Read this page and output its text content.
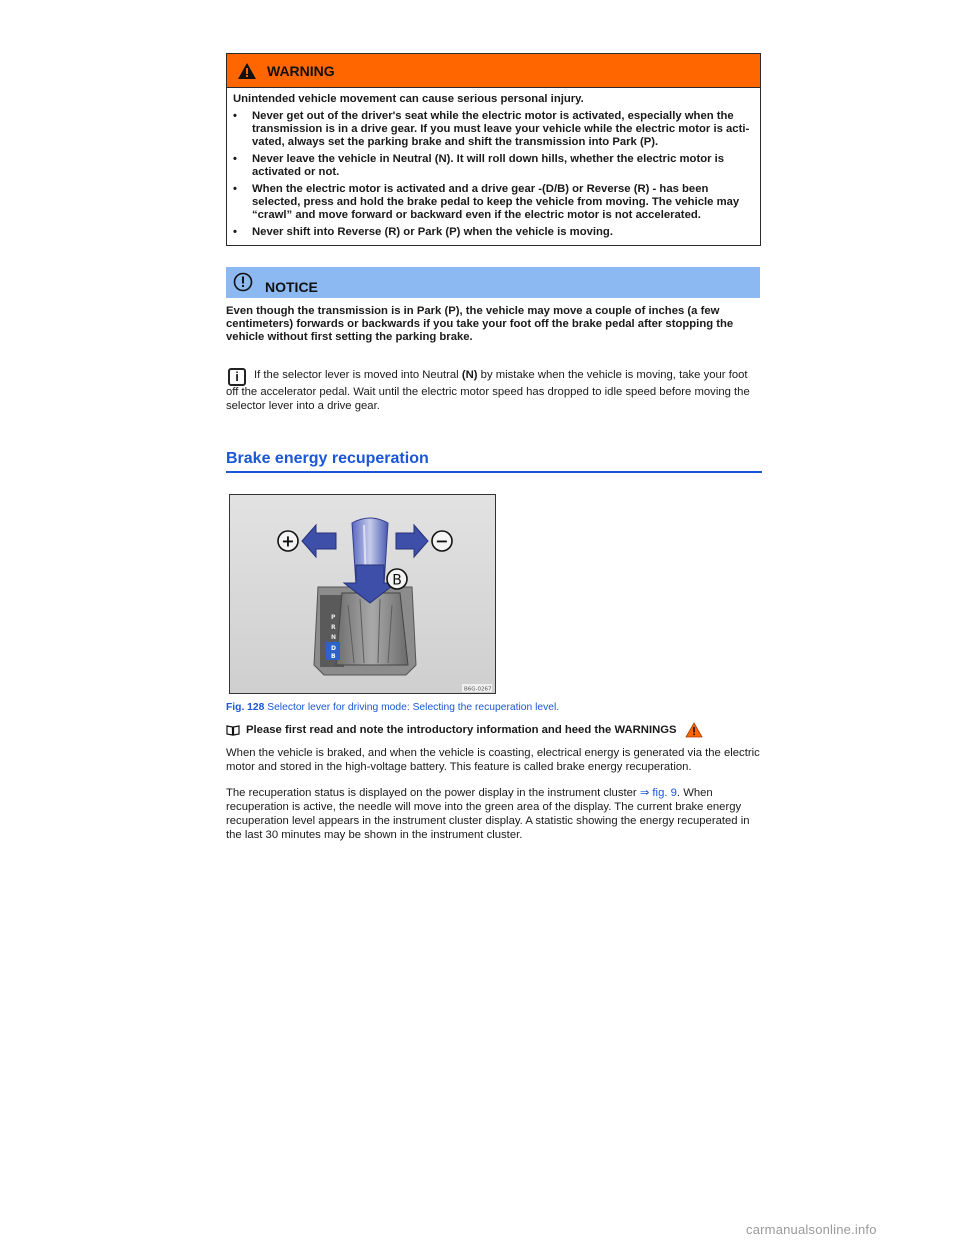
WARNING

Unintended vehicle movement can cause serious personal injury.

•	Never get out of the driver's seat while the electric motor is activated, especially when the transmission is in a drive gear. If you must leave your vehicle while the electric motor is acti-vated, always set the parking brake and shift the transmission into Park (P).
•	Never leave the vehicle in Neutral (N). It will roll down hills, whether the electric motor is activated or not.
•	When the electric motor is activated and a drive gear -(D/B) or Reverse (R) - has been selected, press and hold the brake pedal to keep the vehicle from moving. The vehicle may “crawl” and move forward or backward even if the electric motor is not accelerated.
•	Never shift into Reverse (R) or Park (P) when the vehicle is moving.
NOTICE
Even though the transmission is in Park (P), the vehicle may move a couple of inches (a few centimeters) forwards or backwards if you take your foot off the brake pedal after stopping the vehicle without first setting the parking brake.
i If the selector lever is moved into Neutral (N) by mistake when the vehicle is moving, take your foot off the accelerator pedal. Wait until the electric motor speed has dropped to idle speed before moving the selector lever into a drive gear.
Brake energy recuperation
+	−
B
P
R
N
D
B
B6G-0267
Fig. 128 Selector lever for driving mode: Selecting the recuperation level.
Please first read and note the introductory information and heed the WARNINGS
When the vehicle is braked, and when the vehicle is coasting, electrical energy is generated via the electric motor and stored in the high-voltage battery. This feature is called brake energy recuperation.
The recuperation status is displayed on the power display in the instrument cluster ⇒ fig. 9. When recuperation is active, the needle will move into the green area of the display. The current brake energy recuperation level appears in the instrument cluster display. A statistic showing the energy recuperated in the last 30 minutes may be shown in the instrument cluster.
carmanualsonline.info
